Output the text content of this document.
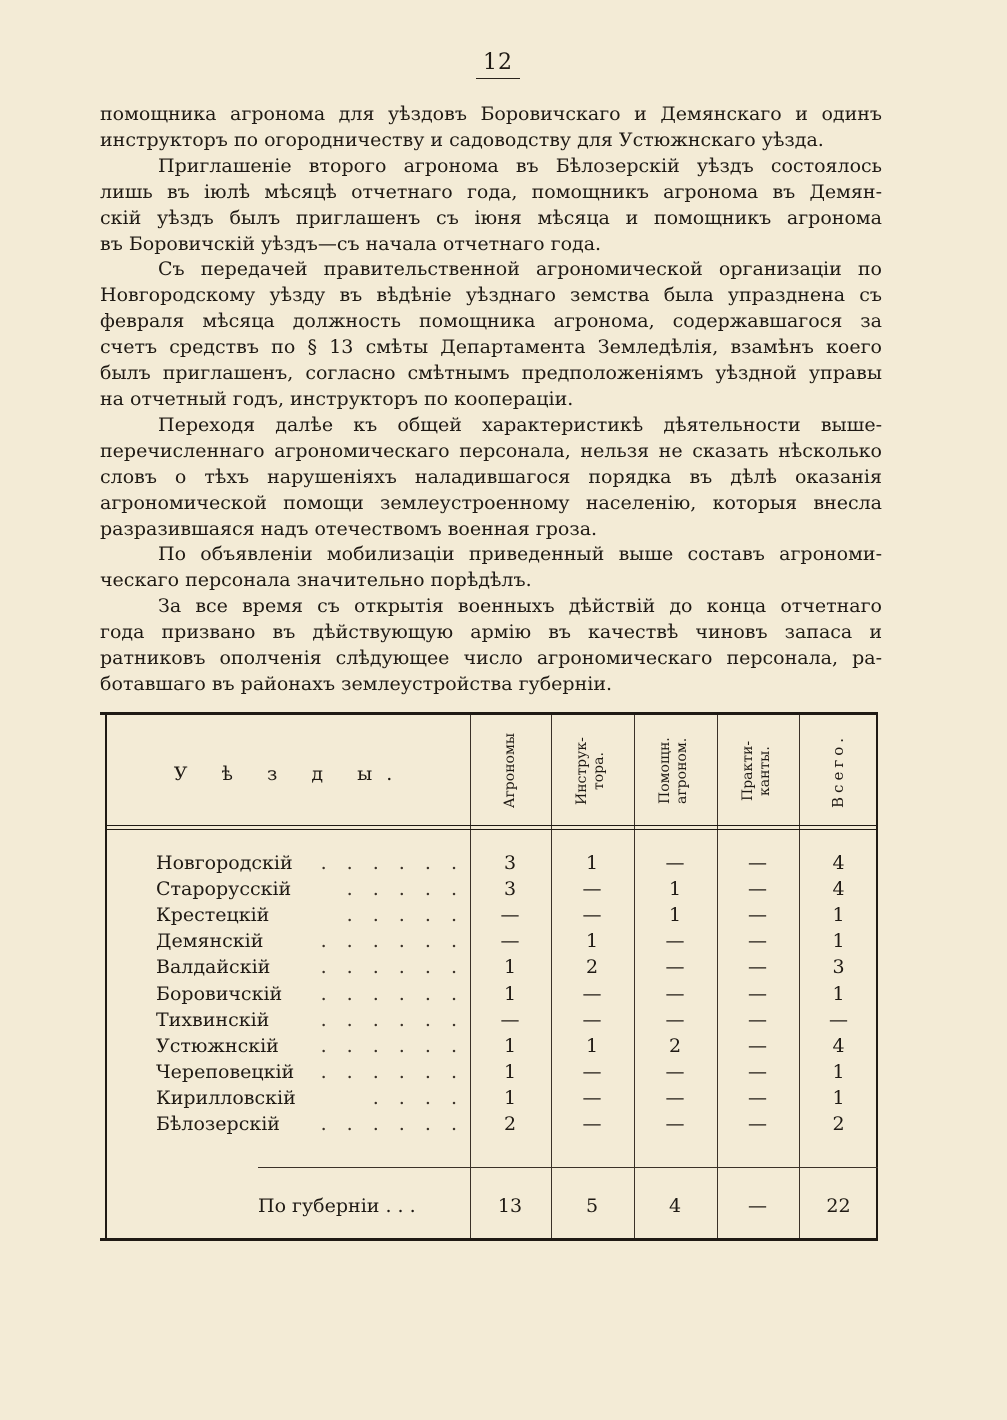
12
помощника агронома для уѣздовъ Боровичскаго и Демянскаго и одинъ
инструкторъ по огородничеству и садоводству для Устюжнскаго уѣзда.
Приглашеніе второго агронома въ Бѣлозерскій уѣздъ состоялось
лишь въ іюлѣ мѣсяцѣ отчетнаго года, помощникъ агронома въ Демян-
скій уѣздъ былъ приглашенъ съ іюня мѣсяца и помощникъ агронома
въ Боровичскій уѣздъ—съ начала отчетнаго года.
Съ передачей правительственной агрономической организаціи по
Новгородскому уѣзду въ вѣдѣніе уѣзднаго земства была упразднена съ
февраля мѣсяца должность помощника агронома, содержавшагося за
счетъ средствъ по § 13 смѣты Департамента Земледѣлія, взамѣнъ коего
былъ приглашенъ, согласно смѣтнымъ предположеніямъ уѣздной управы
на отчетный годъ, инструкторъ по коопераціи.
Переходя далѣе къ общей характеристикѣ дѣятельности выше-
перечисленнаго агрономическаго персонала, нельзя не сказать нѣсколько
словъ о тѣхъ нарушеніяхъ наладившагося порядка въ дѣлѣ оказанія
агрономической помощи землеустроенному населенію, которыя внесла
разразившаяся надъ отечествомъ военная гроза.
По объявленіи мобилизаціи приведенный выше составъ агрономи-
ческаго персонала значительно порѣдѣлъ.
За все время съ открытія военныхъ дѣйствій до конца отчетнаго
года призвано въ дѣйствующую армію въ качествѣ чиновъ запаса и
ратниковъ ополченія слѣдующее число агрономическаго персонала, ра-
ботавшаго въ районахъ землеустройства губерніи.
У ѣ з д ы.	Агрономы	Инструк- тора.	Помощн. агроном.	Практи- канты.	Всего.
Новгородскій	. . . . . .	3	1	—	—	4
Старорусскій	. . . . .	3	—	1	—	4
Крестецкій	. . . . .	—	—	1	—	1
Демянскій	. . . . . .	—	1	—	—	1
Валдайскій	. . . . . .	1	2	—	—	3
Боровичскій	. . . . . .	1	—	—	—	1
Тихвинскій	. . . . . .	—	—	—	—	—
Устюжнскій	. . . . . .	1	1	2	—	4
Череповецкій	. . . . . .	1	—	—	—	1
Кирилловскій	. . . .	1	—	—	—	1
Бѣлозерскій	. . . . . .	2	—	—	—	2
По губерніи . . .	13	5	4	—	22
